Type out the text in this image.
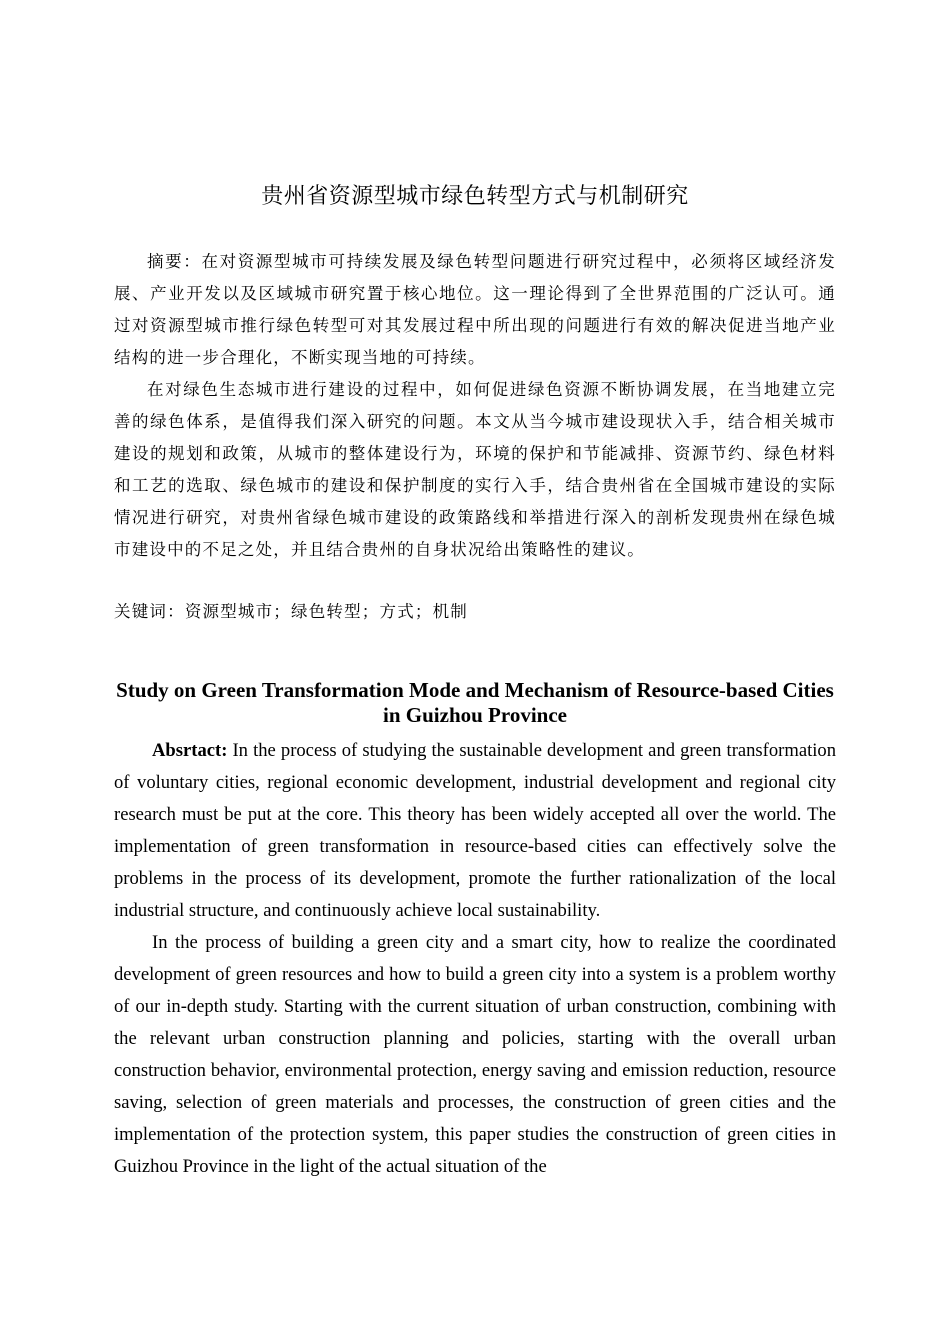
贵州省资源型城市绿色转型方式与机制研究

摘要：在对资源型城市可持续发展及绿色转型问题进行研究过程中，必须将区域经济发展、产业开发以及区域城市研究置于核心地位。这一理论得到了全世界范围的广泛认可。通过对资源型城市推行绿色转型可对其发展过程中所出现的问题进行有效的解决促进当地产业结构的进一步合理化，不断实现当地的可持续。

在对绿色生态城市进行建设的过程中，如何促进绿色资源不断协调发展，在当地建立完善的绿色体系，是值得我们深入研究的问题。本文从当今城市建设现状入手，结合相关城市建设的规划和政策，从城市的整体建设行为，环境的保护和节能减排、资源节约、绿色材料和工艺的选取、绿色城市的建设和保护制度的实行入手，结合贵州省在全国城市建设的实际情况进行研究，对贵州省绿色城市建设的政策路线和举措进行深入的剖析发现贵州在绿色城市建设中的不足之处，并且结合贵州的自身状况给出策略性的建议。

关键词：资源型城市；绿色转型；方式；机制
Study on Green Transformation Mode and Mechanism of Resource-based Cities in Guizhou Province

Absrtact: In the process of studying the sustainable development and green transformation of voluntary cities, regional economic development, industrial development and regional city research must be put at the core. This theory has been widely accepted all over the world. The implementation of green transformation in resource-based cities can effectively solve the problems in the process of its development, promote the further rationalization of the local industrial structure, and continuously achieve local sustainability.

In the process of building a green city and a smart city, how to realize the coordinated development of green resources and how to build a green city into a system is a problem worthy of our in-depth study. Starting with the current situation of urban construction, combining with the relevant urban construction planning and policies, starting with the overall urban construction behavior, environmental protection, energy saving and emission reduction, resource saving, selection of green materials and processes, the construction of green cities and the implementation of the protection system, this paper studies the construction of green cities in Guizhou Province in the light of the actual situation of the
